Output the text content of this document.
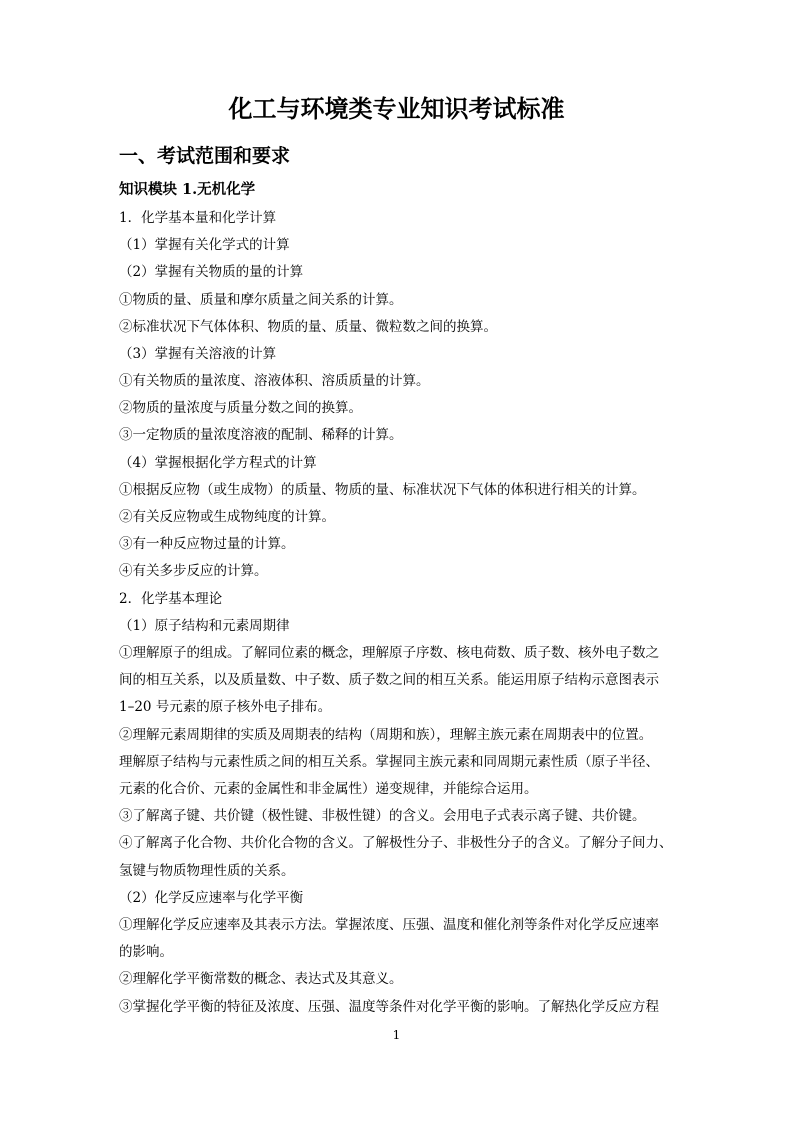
化工与环境类专业知识考试标准
一、考试范围和要求
知识模块 1.无机化学
1．化学基本量和化学计算
（1）掌握有关化学式的计算
（2）掌握有关物质的量的计算
①物质的量、质量和摩尔质量之间关系的计算。
②标准状况下气体体积、物质的量、质量、微粒数之间的换算。
（3）掌握有关溶液的计算
①有关物质的量浓度、溶液体积、溶质质量的计算。
②物质的量浓度与质量分数之间的换算。
③一定物质的量浓度溶液的配制、稀释的计算。
（4）掌握根据化学方程式的计算
①根据反应物（或生成物）的质量、物质的量、标准状况下气体的体积进行相关的计算。
②有关反应物或生成物纯度的计算。
③有一种反应物过量的计算。
④有关多步反应的计算。
2．化学基本理论
（1）原子结构和元素周期律
①理解原子的组成。了解同位素的概念，理解原子序数、核电荷数、质子数、核外电子数之
间的相互关系，以及质量数、中子数、质子数之间的相互关系。能运用原子结构示意图表示
1–20 号元素的原子核外电子排布。
②理解元素周期律的实质及周期表的结构（周期和族），理解主族元素在周期表中的位置。
理解原子结构与元素性质之间的相互关系。掌握同主族元素和同周期元素性质（原子半径、
元素的化合价、元素的金属性和非金属性）递变规律，并能综合运用。
③了解离子键、共价键（极性键、非极性键）的含义。会用电子式表示离子键、共价键。
④了解离子化合物、共价化合物的含义。了解极性分子、非极性分子的含义。了解分子间力、
氢键与物质物理性质的关系。
（2）化学反应速率与化学平衡
①理解化学反应速率及其表示方法。掌握浓度、压强、温度和催化剂等条件对化学反应速率
的影响。
②理解化学平衡常数的概念、表达式及其意义。
③掌握化学平衡的特征及浓度、压强、温度等条件对化学平衡的影响。了解热化学反应方程
1
